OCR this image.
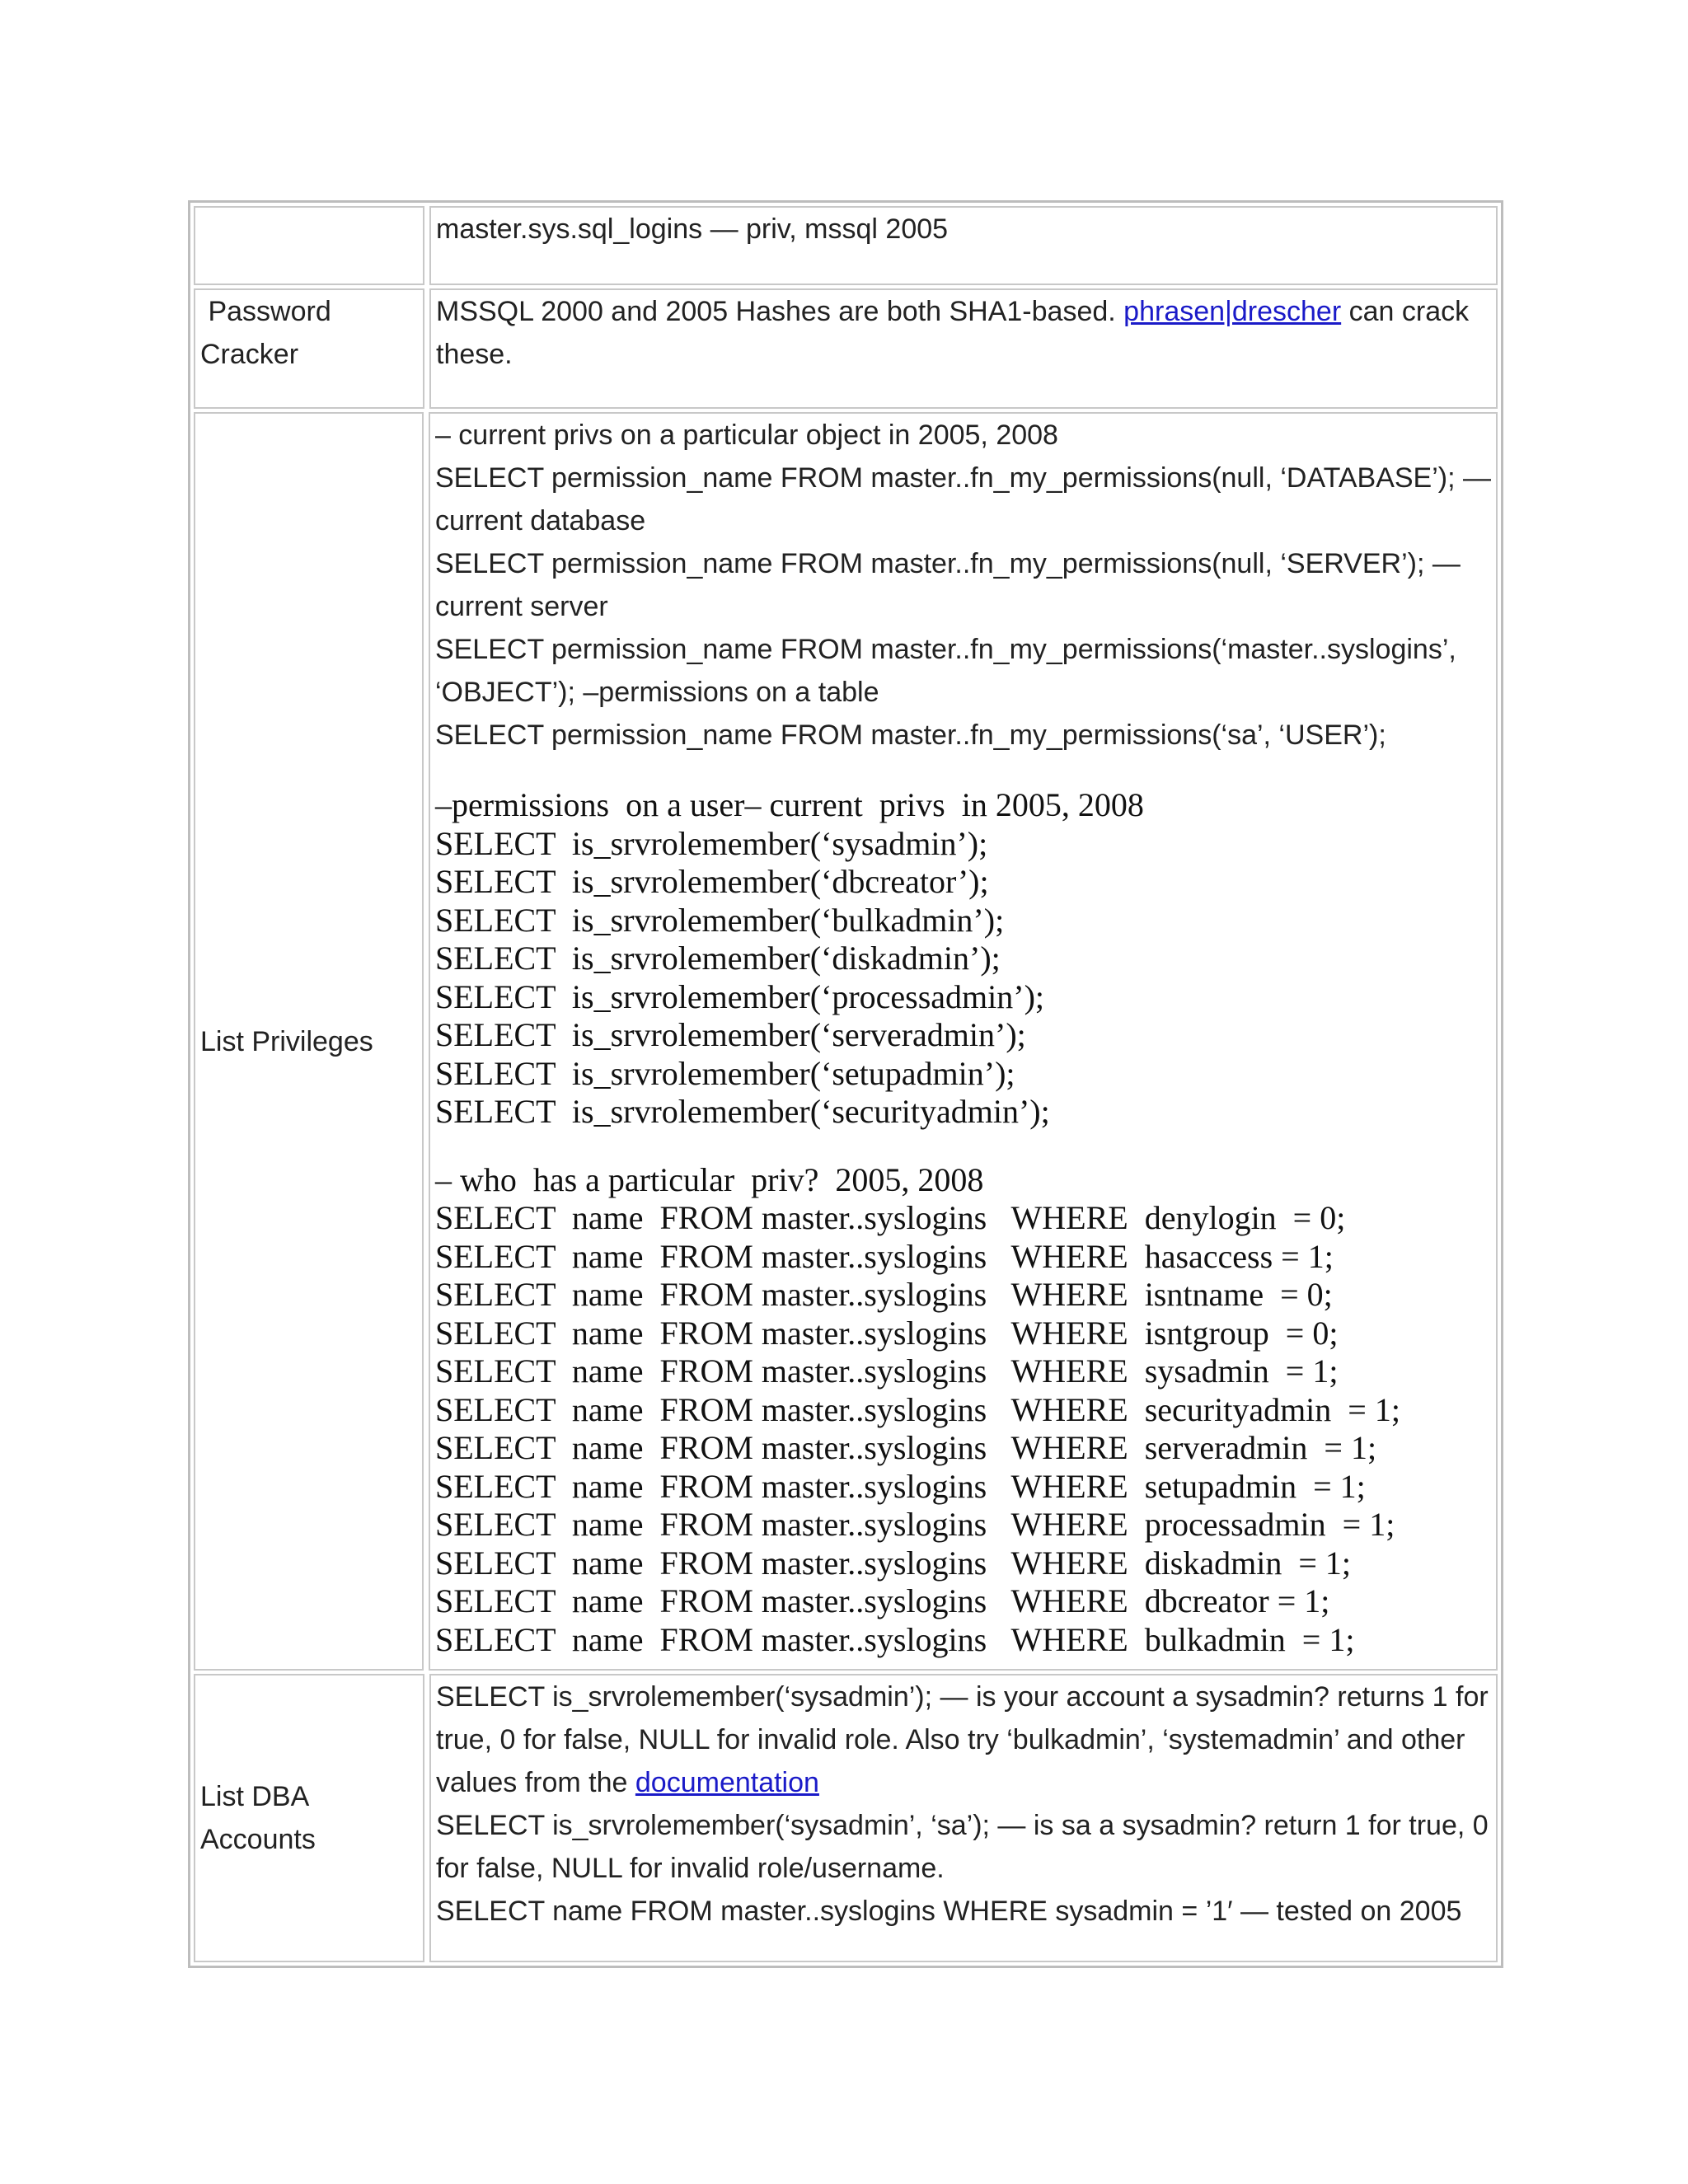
master.sys.sql_logins — priv, mssql 2005
Password Cracker
MSSQL 2000 and 2005 Hashes are both SHA1-based. phrasen|drescher can crack these.
List Privileges
– current privs on a particular object in 2005, 2008
SELECT permission_name FROM master..fn_my_permissions(null, ‘DATABASE’); —
current database
SELECT permission_name FROM master..fn_my_permissions(null, ‘SERVER’); —
current server
SELECT permission_name FROM master..fn_my_permissions(‘master..syslogins’,
‘OBJECT’); –permissions on a table
SELECT permission_name FROM master..fn_my_permissions(‘sa’, ‘USER’);
–permissions  on a user– current  privs  in 2005, 2008
SELECT  is_srvrolemember(‘sysadmin’);
SELECT  is_srvrolemember(‘dbcreator’);
SELECT  is_srvrolemember(‘bulkadmin’);
SELECT  is_srvrolemember(‘diskadmin’);
SELECT  is_srvrolemember(‘processadmin’);
SELECT  is_srvrolemember(‘serveradmin’);
SELECT  is_srvrolemember(‘setupadmin’);
SELECT  is_srvrolemember(‘securityadmin’);
– who  has a particular  priv?  2005, 2008
SELECT  name  FROM master..syslogins   WHERE  denylogin  = 0;
SELECT  name  FROM master..syslogins   WHERE  hasaccess = 1;
SELECT  name  FROM master..syslogins   WHERE  isntname  = 0;
SELECT  name  FROM master..syslogins   WHERE  isntgroup  = 0;
SELECT  name  FROM master..syslogins   WHERE  sysadmin  = 1;
SELECT  name  FROM master..syslogins   WHERE  securityadmin  = 1;
SELECT  name  FROM master..syslogins   WHERE  serveradmin  = 1;
SELECT  name  FROM master..syslogins   WHERE  setupadmin  = 1;
SELECT  name  FROM master..syslogins   WHERE  processadmin  = 1;
SELECT  name  FROM master..syslogins   WHERE  diskadmin  = 1;
SELECT  name  FROM master..syslogins   WHERE  dbcreator = 1;
SELECT  name  FROM master..syslogins   WHERE  bulkadmin  = 1;
List DBA Accounts
SELECT is_srvrolemember(‘sysadmin’); — is your account a sysadmin? returns 1 for true, 0 for false, NULL for invalid role. Also try ‘bulkadmin’, ‘systemadmin’ and other values from the documentation
SELECT is_srvrolemember(‘sysadmin’, ‘sa’); — is sa a sysadmin? return 1 for true, 0 for false, NULL for invalid role/username.
SELECT name FROM master..syslogins WHERE sysadmin = ’1′ — tested on 2005
